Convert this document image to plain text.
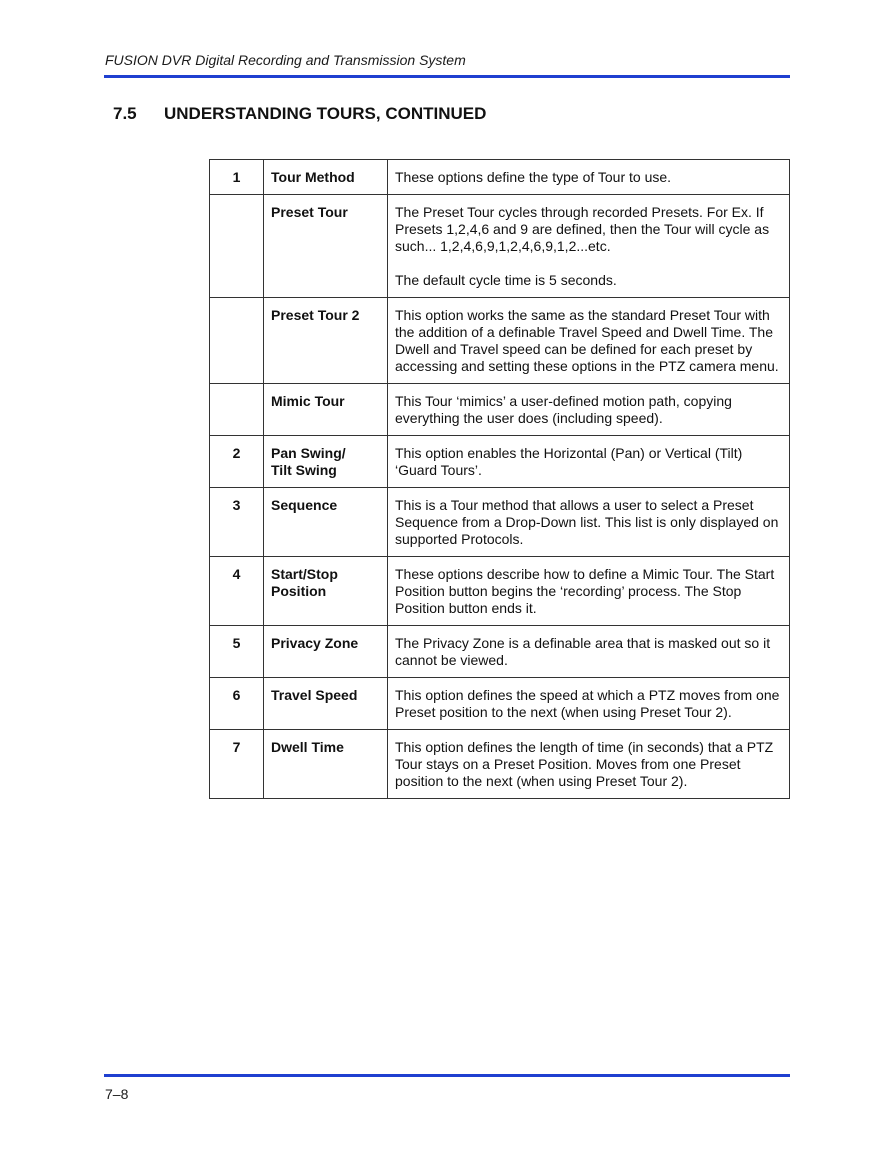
FUSION DVR Digital Recording and Transmission System
7.5 UNDERSTANDING TOURS, CONTINUED
1	Tour Method	These options define the type of Tour to use.

	Preset Tour	The Preset Tour cycles through recorded Presets. For Ex. If Presets 1,2,4,6 and 9 are defined, then the Tour will cycle as such... 1,2,4,6,9,1,2,4,6,9,1,2...etc.

The default cycle time is 5 seconds.

	Preset Tour 2	This option works the same as the standard Preset Tour with the addition of a definable Travel Speed and Dwell Time. The Dwell and Travel speed can be defined for each preset by accessing and setting these options in the PTZ camera menu.

	Mimic Tour	This Tour ‘mimics’ a user-defined motion path, copying everything the user does (including speed).

2	Pan Swing/
Tilt Swing	This option enables the Horizontal (Pan) or Vertical (Tilt) ‘Guard Tours’.

3	Sequence	This is a Tour method that allows a user to select a Preset Sequence from a Drop-Down list. This list is only displayed on supported Protocols.

4	Start/Stop
Position	These options describe how to define a Mimic Tour. The Start Position button begins the ‘recording’ process. The Stop Position button ends it.

5	Privacy Zone	The Privacy Zone is a definable area that is masked out so it cannot be viewed.

6	Travel Speed	This option defines the speed at which a PTZ moves from one Preset position to the next (when using Preset Tour 2).

7	Dwell Time	This option defines the length of time (in seconds) that a PTZ Tour stays on a Preset Position. Moves from one Preset position to the next (when using Preset Tour 2).

7–8
